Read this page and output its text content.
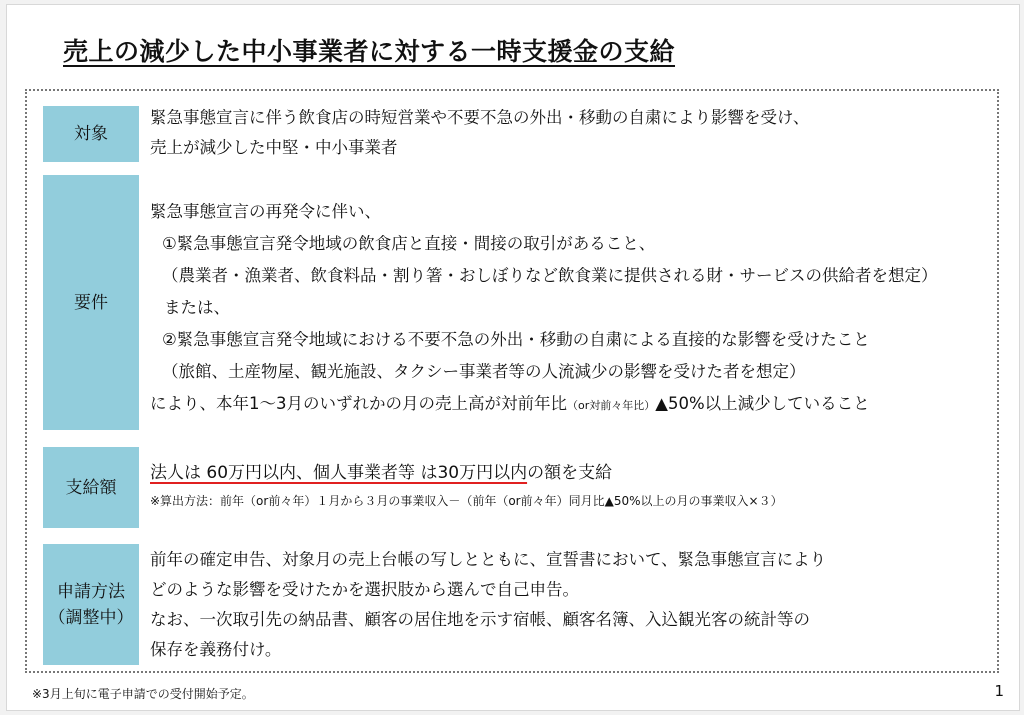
売上の減少した中小事業者に対する一時支援金の支給
対象
緊急事態宣言に伴う飲食店の時短営業や不要不急の外出・移動の自粛により影響を受け、
売上が減少した中堅・中小事業者
要件
緊急事態宣言の再発令に伴い、
①緊急事態宣言発令地域の飲食店と直接・間接の取引があること、
（農業者・漁業者、飲食料品・割り箸・おしぼりなど飲食業に提供される財・サービスの供給者を想定）
または、
②緊急事態宣言発令地域における不要不急の外出・移動の自粛による直接的な影響を受けたこと
（旅館、土産物屋、観光施設、タクシー事業者等の人流減少の影響を受けた者を想定）
により、本年1～3月のいずれかの月の売上高が対前年比（or対前々年比）▲50%以上減少していること
支給額
法人は 60万円以内、個人事業者等 は30万円以内の額を支給
※算出方法：前年（or前々年）１月から３月の事業収入－（前年（or前々年）同月比▲50%以上の月の事業収入×３）
申請方法
（調整中）
前年の確定申告、対象月の売上台帳の写しとともに、宣誓書において、緊急事態宣言により
どのような影響を受けたかを選択肢から選んで自己申告。
なお、一次取引先の納品書、顧客の居住地を示す宿帳、顧客名簿、入込観光客の統計等の
保存を義務付け。
※3月上旬に電子申請での受付開始予定。	1
